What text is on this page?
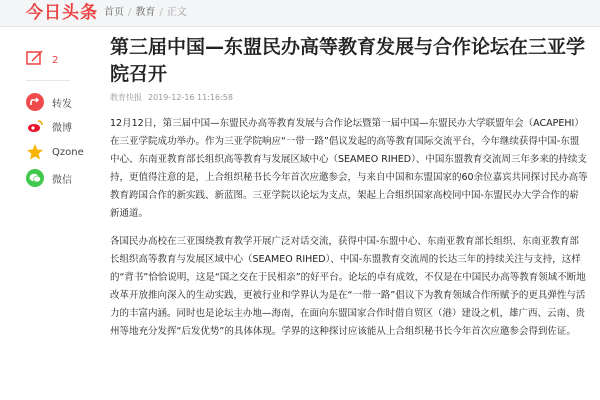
今日头条 首页 / 教育 / 正文
2
转发
微博
Qzone
微信
第三届中国—东盟民办高等教育发展与合作论坛在三亚学院召开
教育快报 2019-12-16 11:16:58

12月12日，第三届中国—东盟民办高等教育发展与合作论坛暨第一届中国—东盟民办大学联盟年会（ACAPEHI）在三亚学院成功举办。作为三亚学院响应“一带一路”倡议发起的高等教育国际交流平台，今年继续获得中国-东盟中心、东南亚教育部长组织高等教育与发展区域中心（SEAMEO RIHED）、中国东盟教育交流周三年多来的持续支持，更值得注意的是，上合组织秘书长今年首次应邀参会，与来自中国和东盟国家的60余位嘉宾共同探讨民办高等教育跨国合作的新实践、新蓝图。三亚学院以论坛为支点，架起上合组织国家高校同中国-东盟民办大学合作的崭新通道。

各国民办高校在三亚围绕教育教学开展广泛对话交流，获得中国-东盟中心、东南亚教育部长组织、东南亚教育部长组织高等教育与发展区域中心（SEAMEO RIHED）、中国-东盟教育交流周的长达三年的持续关注与支持，这样的“背书”恰恰说明，这是“国之交在于民相亲”的好平台。论坛的卓有成效，不仅是在中国民办高等教育领域不断地改革开放推向深入的生动实践，更被行业和学界认为是在“一带一路”倡议下为教育领域合作所赋予的更具弹性与活力的丰富内涵。同时也是论坛主办地—海南，在面向东盟国家合作时借自贸区（港）建设之机，雄广西、云南、贵州等地充分发挥“后发优势”的具体体现。学界的这种探讨应该能从上合组织秘书长今年首次应邀参会得到佐证。
